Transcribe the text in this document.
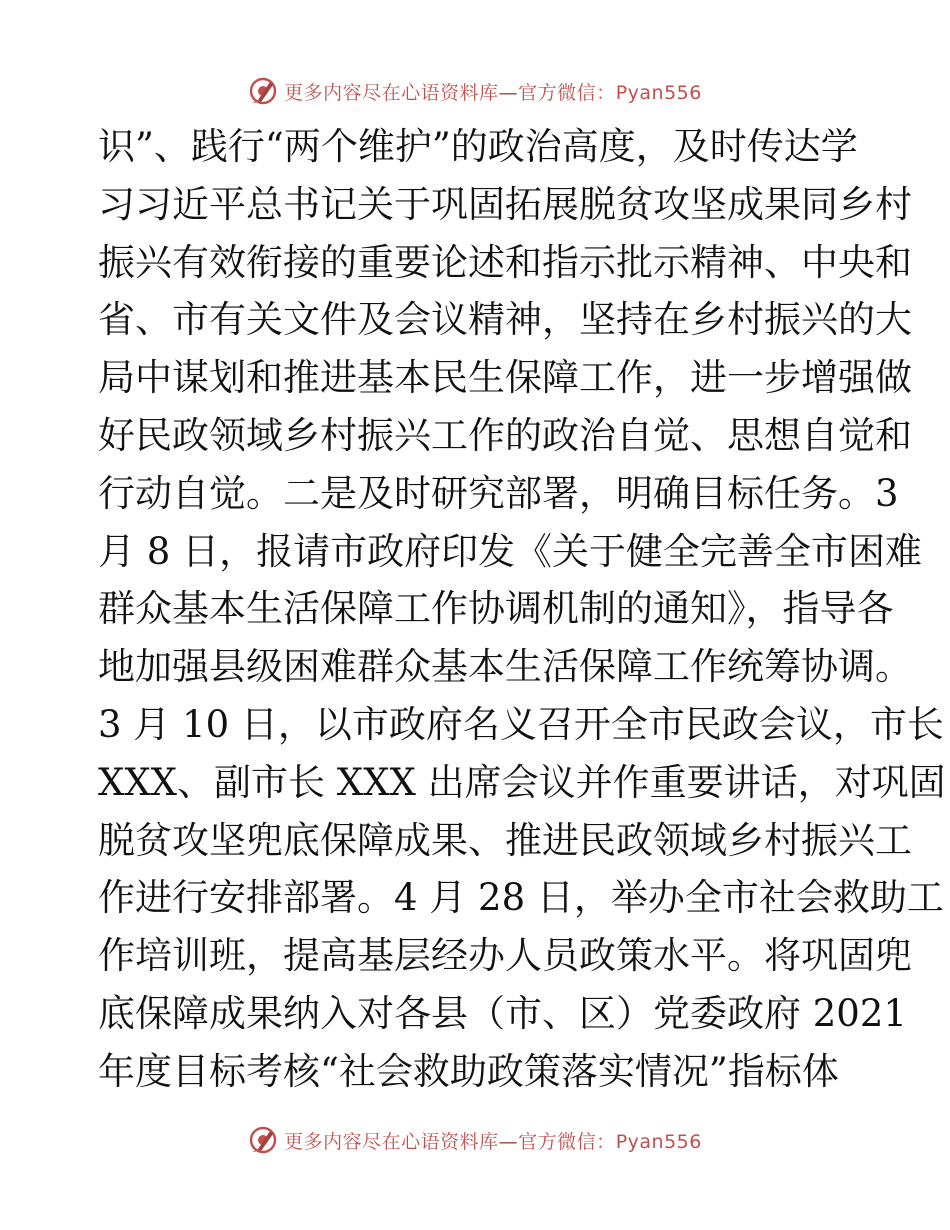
更多内容尽在心语资料库—官方微信：Pyan556
识”、践行“两个维护”的政治高度，及时传达学
习习近平总书记关于巩固拓展脱贫攻坚成果同乡村
振兴有效衔接的重要论述和指示批示精神、中央和
省、市有关文件及会议精神，坚持在乡村振兴的大
局中谋划和推进基本民生保障工作，进一步增强做
好民政领域乡村振兴工作的政治自觉、思想自觉和
行动自觉。二是及时研究部署，明确目标任务。3
月 8 日，报请市政府印发《关于健全完善全市困难
群众基本生活保障工作协调机制的通知》，指导各
地加强县级困难群众基本生活保障工作统筹协调。
3 月 10 日，以市政府名义召开全市民政会议，市长
XXX、副市长 XXX 出席会议并作重要讲话，对巩固
脱贫攻坚兜底保障成果、推进民政领域乡村振兴工
作进行安排部署。4 月 28 日，举办全市社会救助工
作培训班，提高基层经办人员政策水平。将巩固兜
底保障成果纳入对各县（市、区）党委政府 2021
年度目标考核“社会救助政策落实情况”指标体
更多内容尽在心语资料库—官方微信：Pyan556
